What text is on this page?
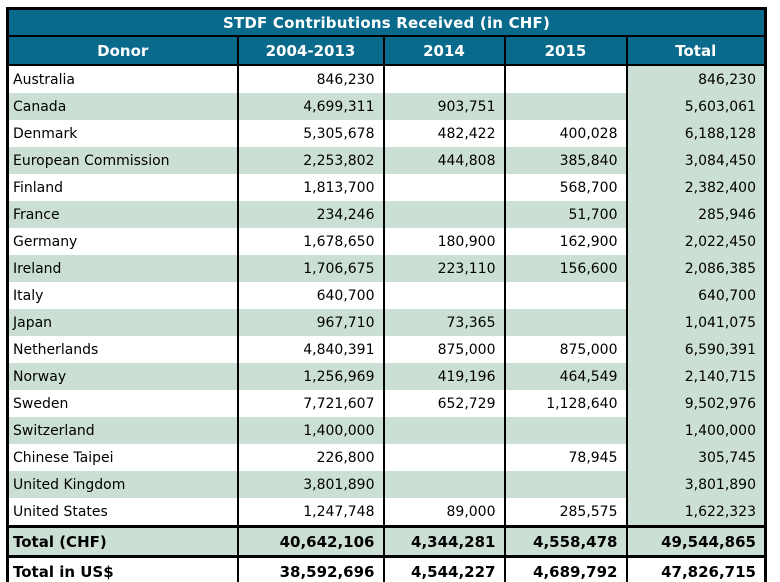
STDF Contributions Received (in CHF)				
Donor	2004-2013	2014	2015	Total
Australia	846,230			846,230
Canada	4,699,311	903,751		5,603,061
Denmark	5,305,678	482,422	400,028	6,188,128
European Commission	2,253,802	444,808	385,840	3,084,450
Finland	1,813,700		568,700	2,382,400
France	234,246		51,700	285,946
Germany	1,678,650	180,900	162,900	2,022,450
Ireland	1,706,675	223,110	156,600	2,086,385
Italy	640,700			640,700
Japan	967,710	73,365		1,041,075
Netherlands	4,840,391	875,000	875,000	6,590,391
Norway	1,256,969	419,196	464,549	2,140,715
Sweden	7,721,607	652,729	1,128,640	9,502,976
Switzerland	1,400,000			1,400,000
Chinese Taipei	226,800		78,945	305,745
United Kingdom	3,801,890			3,801,890
United States	1,247,748	89,000	285,575	1,622,323
Total (CHF)	40,642,106	4,344,281	4,558,478	49,544,865
Total in US$	38,592,696	4,544,227	4,689,792	47,826,715
